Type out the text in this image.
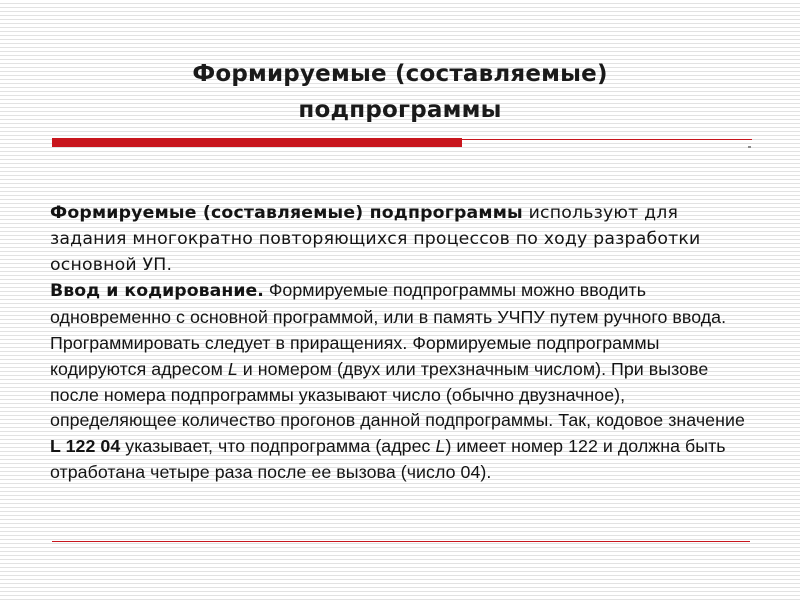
Формируемые (составляемые)
подпрограммы
Формируемые (составляемые) подпрограммы используют для задания многократно повторяющихся процессов по ходу разработки основной УП.
Ввод и кодирование. Формируемые подпрограммы можно вводить одновременно с основной программой, или в память УЧПУ путем ручного ввода. Программировать следует в приращениях. Формируемые подпрограммы кодируются адресом L и номером (двух или трехзначным числом). При вызове после номера подпрограммы указывают число (обычно двузначное), определяющее количество прогонов данной подпрограммы. Так, кодовое значение L 122 04 указывает, что подпрограмма (адрес L) имеет номер 122 и должна быть отработана четыре раза после ее вызова (число 04).
